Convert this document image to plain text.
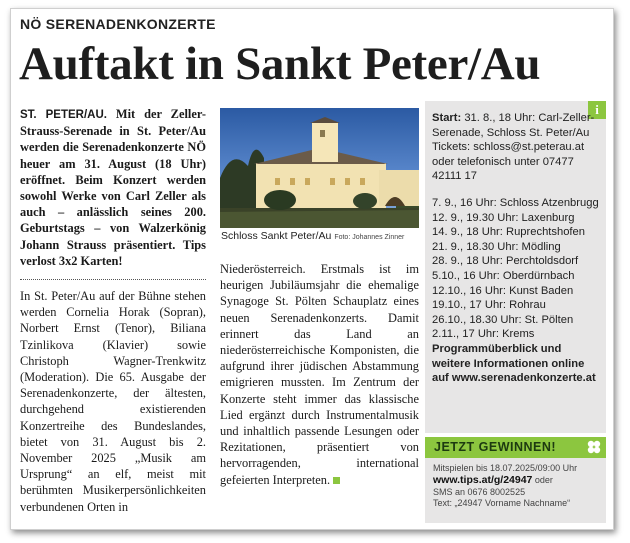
NÖ SERENADENKONZERTE
Auftakt in Sankt Peter/Au
ST. PETER/AU. Mit der Zeller-Strauss-Serenade in St. Peter/Au werden die Serenadenkonzerte NÖ heuer am 31. August (18 Uhr) eröffnet. Beim Konzert werden sowohl Werke von Carl Zeller als auch – anlässlich seines 200. Geburtstags – von Walzerkönig Johann Strauss präsentiert. Tips verlost 3x2 Karten!
In St. Peter/Au auf der Bühne stehen werden Cornelia Horak (Sopran), Norbert Ernst (Tenor), Biliana Tzinlikova (Klavier) sowie Christoph Wagner-Trenkwitz (Moderation). Die 65. Ausgabe der Serenadenkonzerte, der ältesten, durchgehend existierenden Konzertreihe des Bundeslandes, bietet von 31. August bis 2. November 2025 „Musik am Ursprung“ an elf, meist mit berühmten Musikerpersönlichkeiten verbundenen Orten in
Schloss Sankt Peter/Au Foto: Johannes Zinner
Niederösterreich. Erstmals ist im heurigen Jubiläumsjahr die ehemalige Synagoge St. Pölten Schauplatz eines neuen Serenadenkonzerts. Damit erinnert das Land an niederösterreichische Komponisten, die aufgrund ihrer jüdischen Abstammung emigrieren mussten. Im Zentrum der Konzerte steht immer das klassische Lied ergänzt durch Instrumentalmusik und inhaltlich passende Lesungen oder Rezitationen, präsentiert von hervorragenden, international gefeierten Interpreten.
i

Start: 31. 8., 18 Uhr: Carl-Zeller-Serenade, Schloss St. Peter/Au

Tickets: schloss@st.peterau.at oder telefonisch unter 07477 42111 17

7. 9., 16 Uhr: Schloss Atzenbrugg
12. 9., 19.30 Uhr: Laxenburg
14. 9., 18 Uhr: Ruprechtshofen
21. 9., 18.30 Uhr: Mödling
28. 9., 18 Uhr: Perchtoldsdorf
5.10., 16 Uhr: Oberdürnbach
12.10., 16 Uhr: Kunst Baden
19.10., 17 Uhr: Rohrau
26.10., 18.30 Uhr: St. Pölten
2.11., 17 Uhr: Krems

Programmüberblick und weitere Informationen online auf www.serenadenkonzerte.at

JETZT GEWINNEN!
Mitspielen bis 18.07.2025/09:00 Uhr
www.tips.at/g/24947 oder
SMS an 0676 8002525
Text: „24947 Vorname Nachname“
